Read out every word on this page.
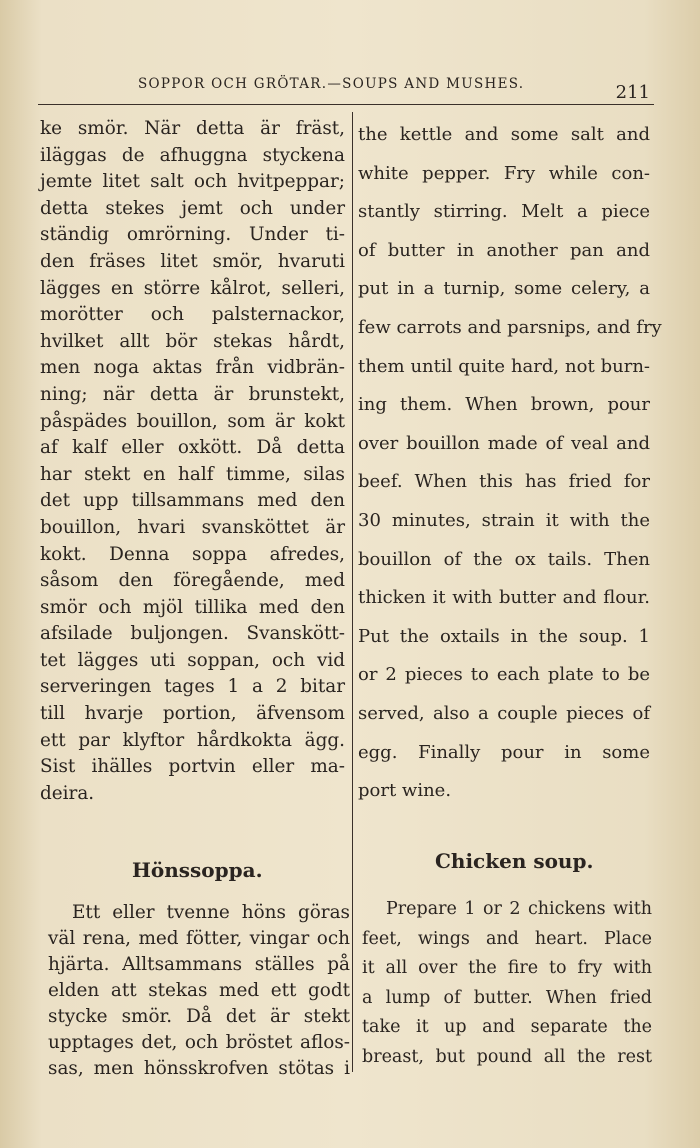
SOPPOR OCH GRÖTAR.—SOUPS AND MUSHES.	211
ke smör. När detta är fräst,
iläggas de afhuggna styckena
jemte litet salt och hvitpeppar;
detta stekes jemt och under
ständig omrörning. Under ti-
den fräses litet smör, hvaruti
lägges en större kålrot, selleri,
morötter och palsternackor,
hvilket allt bör stekas hårdt,
men noga aktas från vidbrän-
ning; när detta är brunstekt,
påspädes bouillon, som är kokt
af kalf eller oxkött. Då detta
har stekt en half timme, silas
det upp tillsammans med den
bouillon, hvari svansköttet är
kokt. Denna soppa afredes,
såsom den föregående, med
smör och mjöl tillika med den
afsilade buljongen. Svanskött-
tet lägges uti soppan, och vid
serveringen tages 1 a 2 bitar
till hvarje portion, äfvensom
ett par klyftor hårdkokta ägg.
Sist ihälles portvin eller ma-
deira.
the kettle and some salt and
white pepper. Fry while con-
stantly stirring. Melt a piece
of butter in another pan and
put in a turnip, some celery, a
few carrots and parsnips, and fry
them until quite hard, not burn-
ing them. When brown, pour
over bouillon made of veal and
beef. When this has fried for
30 minutes, strain it with the
bouillon of the ox tails. Then
thicken it with butter and flour.
Put the oxtails in the soup. 1
or 2 pieces to each plate to be
served, also a couple pieces of
egg. Finally pour in some
port wine.
Hönssoppa.	Chicken soup.
Ett eller tvenne höns göras
väl rena, med fötter, vingar och
hjärta. Alltsammans ställes på
elden att stekas med ett godt
stycke smör. Då det är stekt
upptages det, och bröstet aflos-
sas, men hönsskrofven stötas i
Prepare 1 or 2 chickens with
feet, wings and heart. Place
it all over the fire to fry with
a lump of butter. When fried
take it up and separate the
breast, but pound all the rest
